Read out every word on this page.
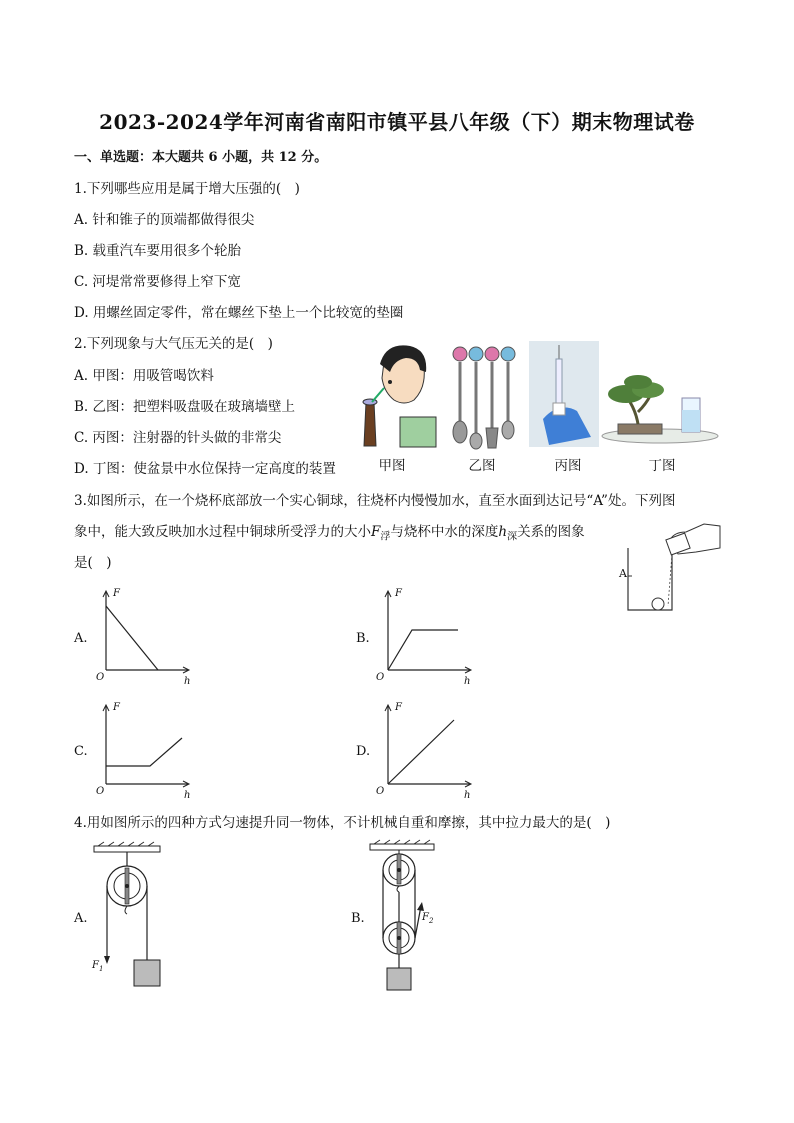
2023-2024学年河南省南阳市镇平县八年级（下）期末物理试卷
一、单选题：本大题共 6 小题，共 12 分。
1.下列哪些应用是属于增大压强的(　)
A. 针和锥子的顶端都做得很尖
B. 载重汽车要用很多个轮胎
C. 河堤常常要修得上窄下宽
D. 用螺丝固定零件，常在螺丝下垫上一个比较宽的垫圈
2.下列现象与大气压无关的是(　)
A. 甲图：用吸管喝饮料
B. 乙图：把塑料吸盘吸在玻璃墙壁上
C. 丙图：注射器的针头做的非常尖
D. 丁图：使盆景中水位保持一定高度的装置	甲图	乙图	丙图	丁图
3.如图所示，在一个烧杯底部放一个实心铜球，往烧杯内慢慢加水，直至水面到达记号“A”处。下列图
象中，能大致反映加水过程中铜球所受浮力的大小$F_浮$与烧杯中水的深度$h_深$关系的图象
是(　)
A
A.
F
O	h
B.
F
O	h
C.
F
O	h
D.
F
O	h
4.用如图所示的四种方式匀速提升同一物体，不计机械自重和摩擦，其中拉力最大的是(　)
A.
$F_1$
B.	$F_2$
